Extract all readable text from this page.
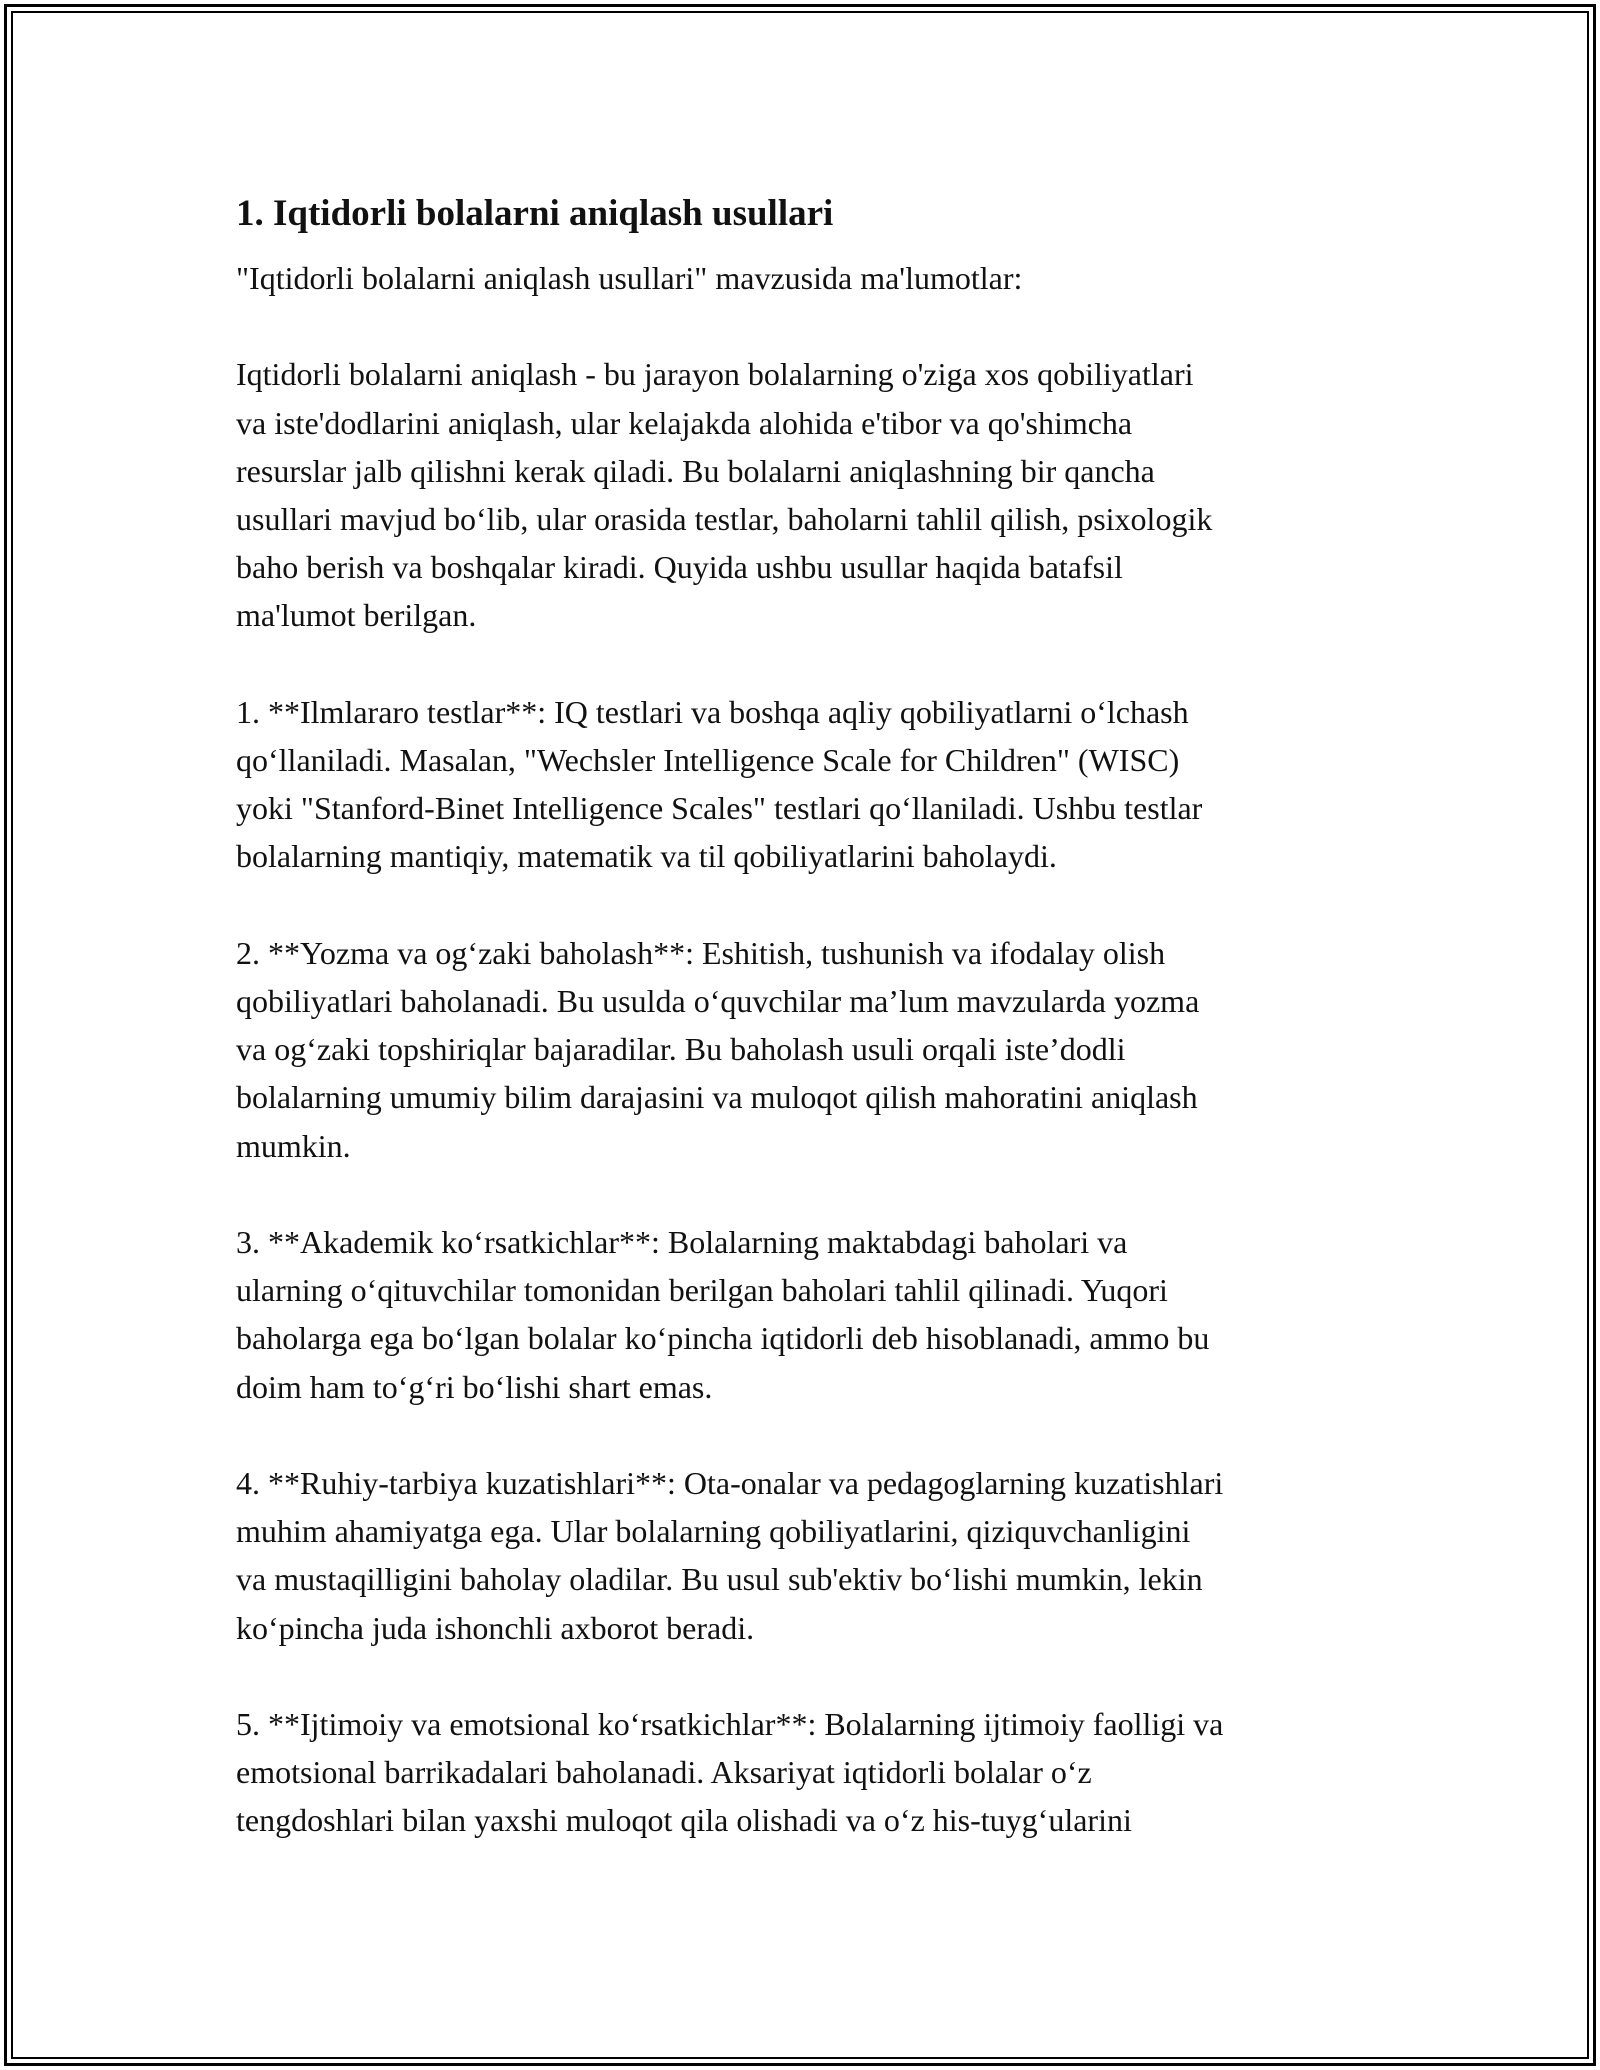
1. Iqtidorli bolalarni aniqlash usullari

"Iqtidorli bolalarni aniqlash usullari" mavzusida ma'lumotlar:

Iqtidorli bolalarni aniqlash - bu jarayon bolalarning o'ziga xos qobiliyatlari
va iste'dodlarini aniqlash, ular kelajakda alohida e'tibor va qo'shimcha
resurslar jalb qilishni kerak qiladi. Bu bolalarni aniqlashning bir qancha
usullari mavjud bo‘lib, ular orasida testlar, baholarni tahlil qilish, psixologik
baho berish va boshqalar kiradi. Quyida ushbu usullar haqida batafsil
ma'lumot berilgan.

1. **Ilmlararo testlar**: IQ testlari va boshqa aqliy qobiliyatlarni o‘lchash
qo‘llaniladi. Masalan, "Wechsler Intelligence Scale for Children" (WISC)
yoki "Stanford-Binet Intelligence Scales" testlari qo‘llaniladi. Ushbu testlar
bolalarning mantiqiy, matematik va til qobiliyatlarini baholaydi.

2. **Yozma va og‘zaki baholash**: Eshitish, tushunish va ifodalay olish
qobiliyatlari baholanadi. Bu usulda o‘quvchilar ma’lum mavzularda yozma
va og‘zaki topshiriqlar bajaradilar. Bu baholash usuli orqali iste’dodli
bolalarning umumiy bilim darajasini va muloqot qilish mahoratini aniqlash
mumkin.

3. **Akademik ko‘rsatkichlar**: Bolalarning maktabdagi baholari va
ularning o‘qituvchilar tomonidan berilgan baholari tahlil qilinadi. Yuqori
baholarga ega bo‘lgan bolalar ko‘pincha iqtidorli deb hisoblanadi, ammo bu
doim ham to‘g‘ri bo‘lishi shart emas.

4. **Ruhiy-tarbiya kuzatishlari**: Ota-onalar va pedagoglarning kuzatishlari
muhim ahamiyatga ega. Ular bolalarning qobiliyatlarini, qiziquvchanligini
va mustaqilligini baholay oladilar. Bu usul sub'ektiv bo‘lishi mumkin, lekin
ko‘pincha juda ishonchli axborot beradi.

5. **Ijtimoiy va emotsional ko‘rsatkichlar**: Bolalarning ijtimoiy faolligi va
emotsional barrikadalari baholanadi. Aksariyat iqtidorli bolalar o‘z
tengdoshlari bilan yaxshi muloqot qila olishadi va o‘z his-tuyg‘ularini
